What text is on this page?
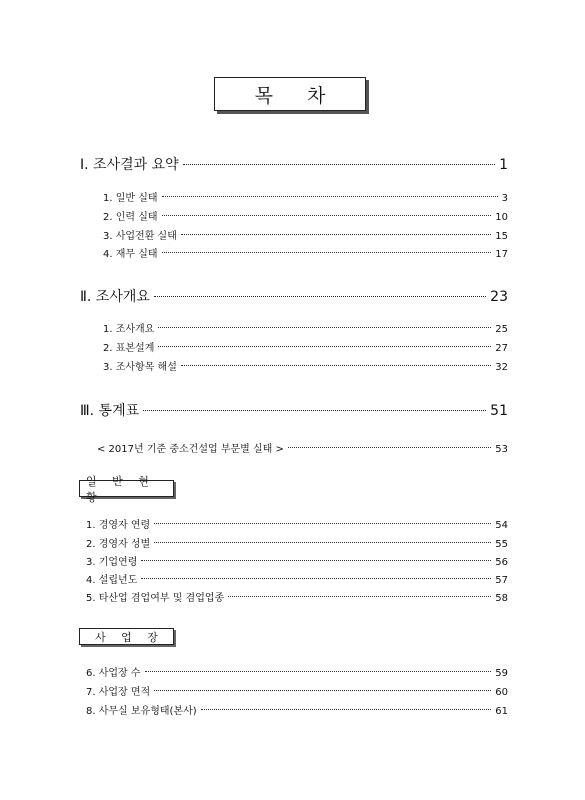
목 차
Ⅰ. 조사결과 요약	1
1. 일반 실태	3
2. 인력 실태	10
3. 사업전환 실태	15
4. 재무 실태	17
Ⅱ. 조사개요	23
1. 조사개요	25
2. 표본설계	27
3. 조사항목 해설	32
Ⅲ. 통계표	51
< 2017년 기준 중소건설업 부문별 실태 >	53
일 반 현 황
1. 경영자 연령	54
2. 경영자 성별	55
3. 기업연령	56
4. 설립년도	57
5. 타산업 겸업여부 및 겸업업종	58
사 업 장
6. 사업장 수	59
7. 사업장 면적	60
8. 사무실 보유형태(본사)	61
